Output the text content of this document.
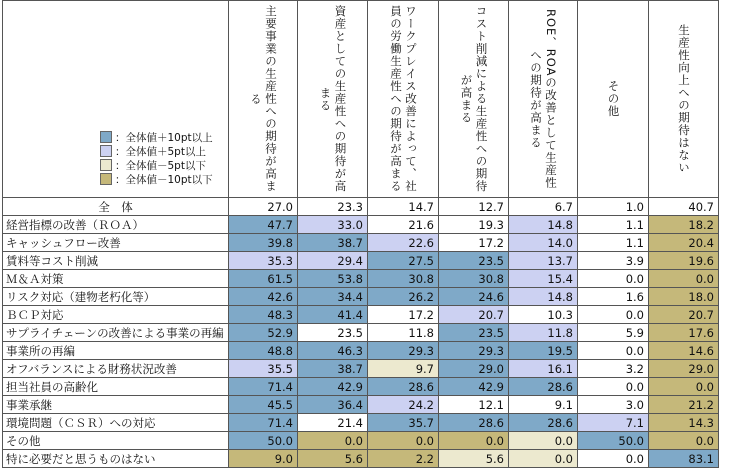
	主要事業の生産性への期待が高まる	資産としての生産性への期待が高まる	ワークプレイス改善によって、社員の労働生産性への期待が高まる	コスト削減による生産性への期待が高まる	ROE、ROAの改善として生産性への期待が高まる	その他	生産性向上への期待はない

全　体	27.0	23.3	14.7	12.7	6.7	1.0	40.7
経営指標の改善（ＲＯＡ）	47.7	33.0	21.6	19.3	14.8	1.1	18.2
キャッシュフロー改善	39.8	38.7	22.6	17.2	14.0	1.1	20.4
賃料等コスト削減	35.3	29.4	27.5	23.5	13.7	3.9	19.6
Ｍ＆Ａ対策	61.5	53.8	30.8	30.8	15.4	0.0	0.0
リスク対応（建物老朽化等）	42.6	34.4	26.2	24.6	14.8	1.6	18.0
ＢＣＰ対応	48.3	41.4	17.2	20.7	10.3	0.0	20.7
サプライチェーンの改善による事業の再編	52.9	23.5	11.8	23.5	11.8	5.9	17.6
事業所の再編	48.8	46.3	29.3	29.3	19.5	0.0	14.6
オフバランスによる財務状況改善	35.5	38.7	9.7	29.0	16.1	3.2	29.0
担当社員の高齢化	71.4	42.9	28.6	42.9	28.6	0.0	0.0
事業承継	45.5	36.4	24.2	12.1	9.1	3.0	21.2
環境問題（ＣＳＲ）への対応	71.4	21.4	35.7	28.6	28.6	7.1	14.3
その他	50.0	0.0	0.0	0.0	0.0	50.0	0.0
特に必要だと思うものはない	9.0	5.6	2.2	5.6	0.0	0.0	83.1
：全体値＋10pt以上
：全体値＋5pt以上
：全体値－5pt以下
：全体値－10pt以下
